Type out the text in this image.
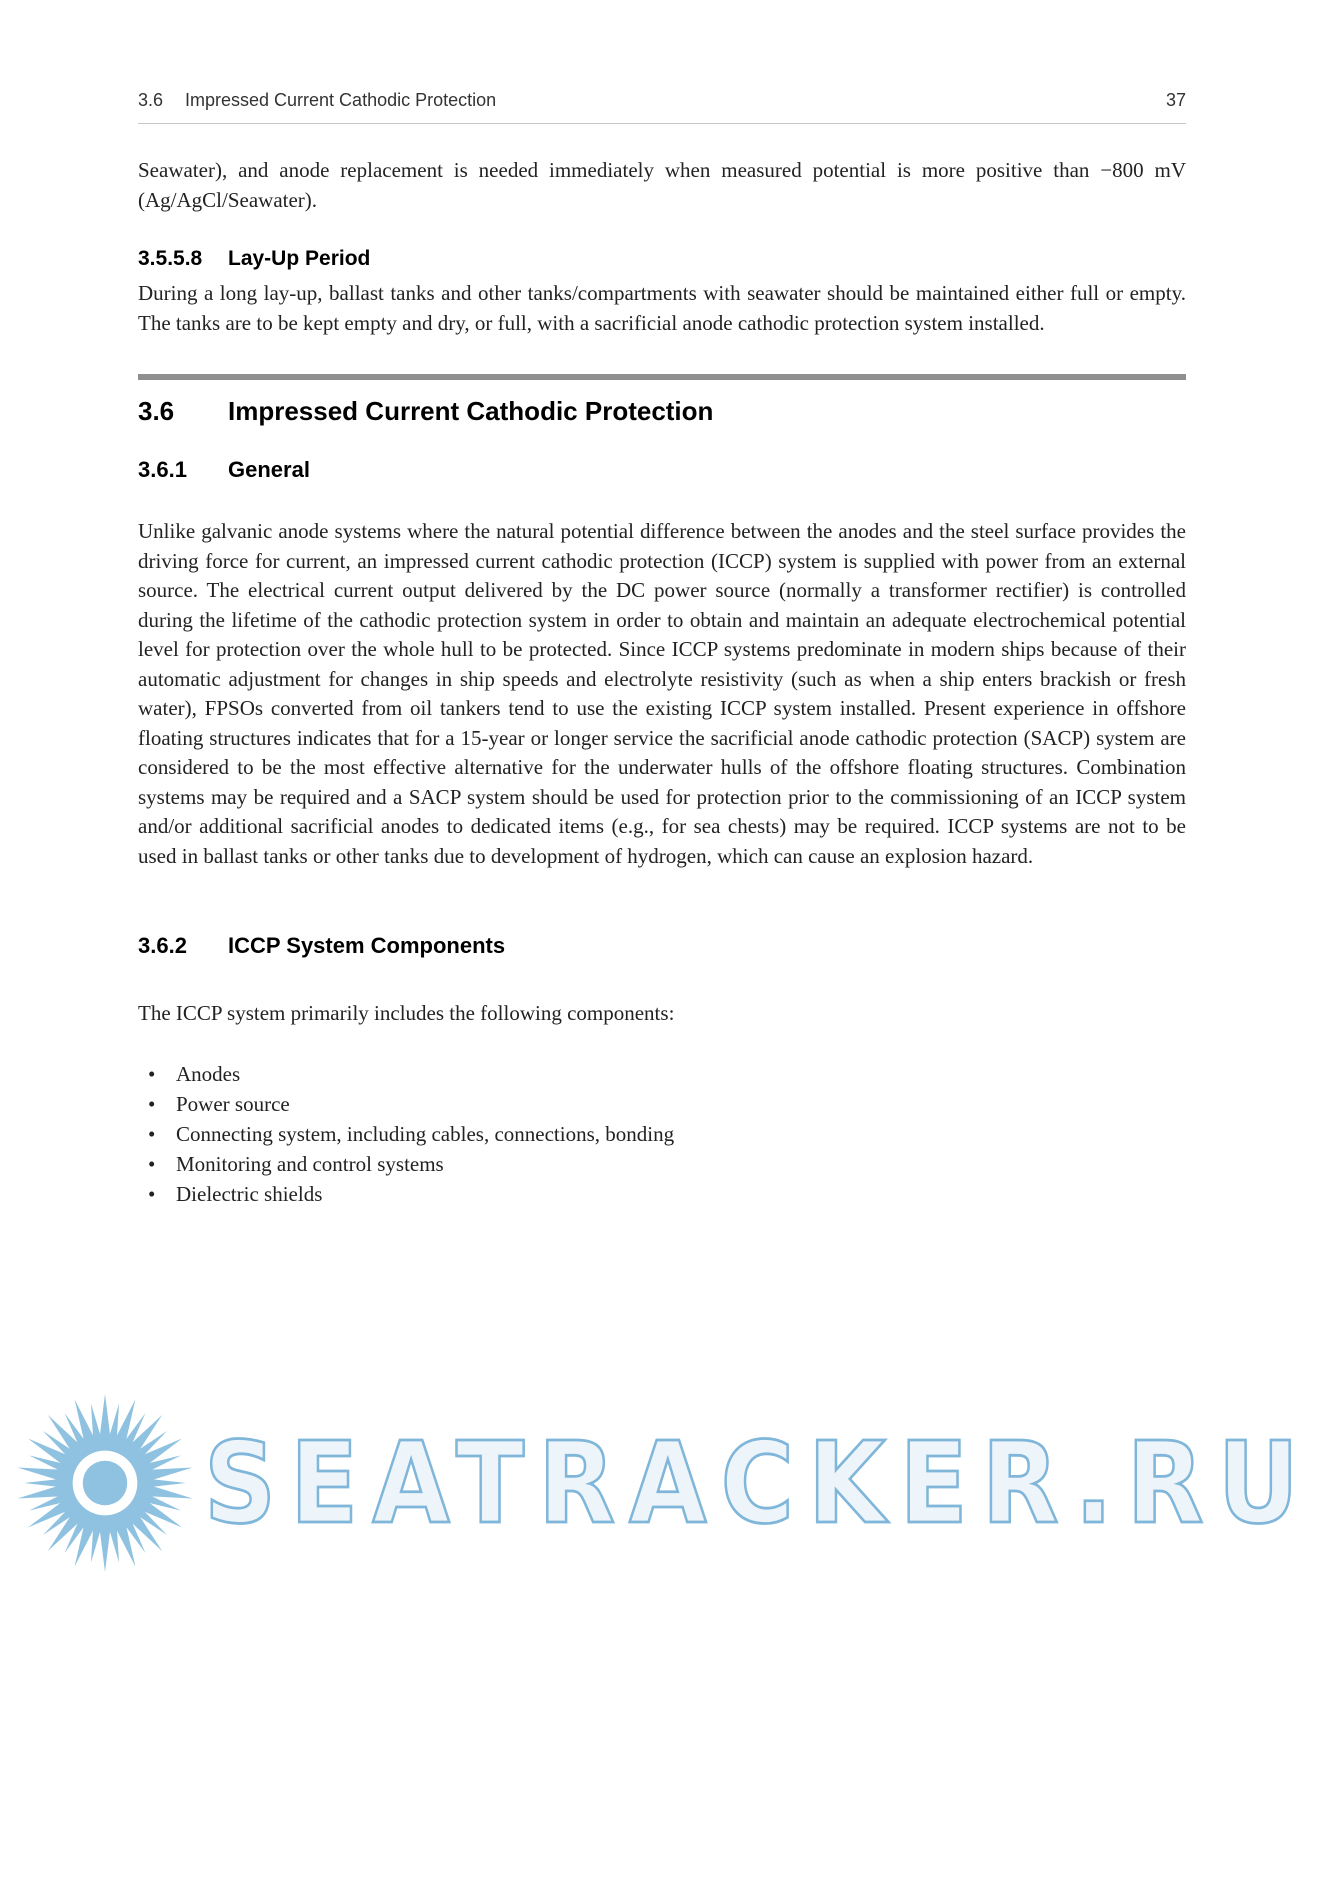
3.6 Impressed Current Cathodic Protection	37

Seawater), and anode replacement is needed immediately when measured potential is more positive than −800 mV (Ag/AgCl/Seawater).

3.5.5.8 Lay-Up Period

During a long lay-up, ballast tanks and other tanks/compartments with seawater should be maintained either full or empty. The tanks are to be kept empty and dry, or full, with a sacrificial anode cathodic protection system installed.

3.6 Impressed Current Cathodic Protection
3.6.1 General

Unlike galvanic anode systems where the natural potential difference between the anodes and the steel surface provides the driving force for current, an impressed current cathodic protection (ICCP) system is supplied with power from an external source. The electrical current output delivered by the DC power source (normally a transformer rectifier) is controlled during the lifetime of the cathodic protection system in order to obtain and maintain an adequate electrochemical potential level for protection over the whole hull to be protected. Since ICCP systems predominate in modern ships because of their automatic adjustment for changes in ship speeds and electrolyte resistivity (such as when a ship enters brackish or fresh water), FPSOs converted from oil tankers tend to use the existing ICCP system installed. Present experience in offshore floating structures indicates that for a 15-year or longer service the sacrificial anode cathodic protection (SACP) system are considered to be the most effective alternative for the underwater hulls of the offshore floating structures. Combination systems may be required and a SACP system should be used for protection prior to the commissioning of an ICCP system and/or additional sacrificial anodes to dedicated items (e.g., for sea chests) may be required. ICCP systems are not to be used in ballast tanks or other tanks due to development of hydrogen, which can cause an explosion hazard.

3.6.2 ICCP System Components

The ICCP system primarily includes the following components:

• Anodes
• Power source
• Connecting system, including cables, connections, bonding
• Monitoring and control systems
• Dielectric shields
SEATRACKER.RU
